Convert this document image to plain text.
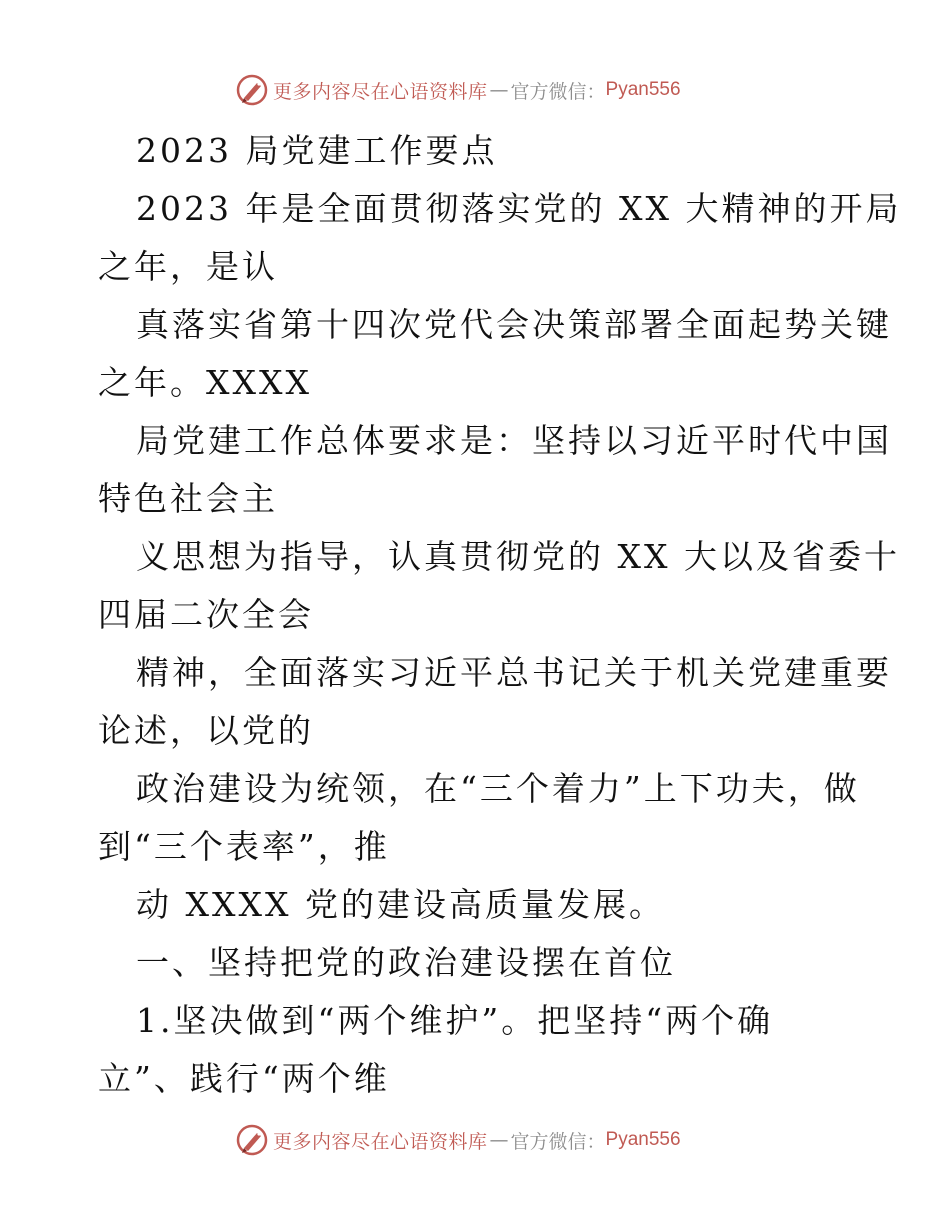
更多内容尽在心语资料库 — 官方微信： Pyan556
2023 局党建工作要点
2023 年是全面贯彻落实党的 XX 大精神的开局
之年，是认
真落实省第十四次党代会决策部署全面起势关键
之年。XXXX
局党建工作总体要求是：坚持以习近平时代中国
特色社会主
义思想为指导，认真贯彻党的 XX 大以及省委十
四届二次全会
精神，全面落实习近平总书记关于机关党建重要
论述，以党的
政治建设为统领，在“三个着力”上下功夫，做
到“三个表率”，推
动 XXXX 党的建设高质量发展。
一、坚持把党的政治建设摆在首位
1.坚决做到“两个维护”。把坚持“两个确
立”、践行“两个维
更多内容尽在心语资料库 — 官方微信： Pyan556
